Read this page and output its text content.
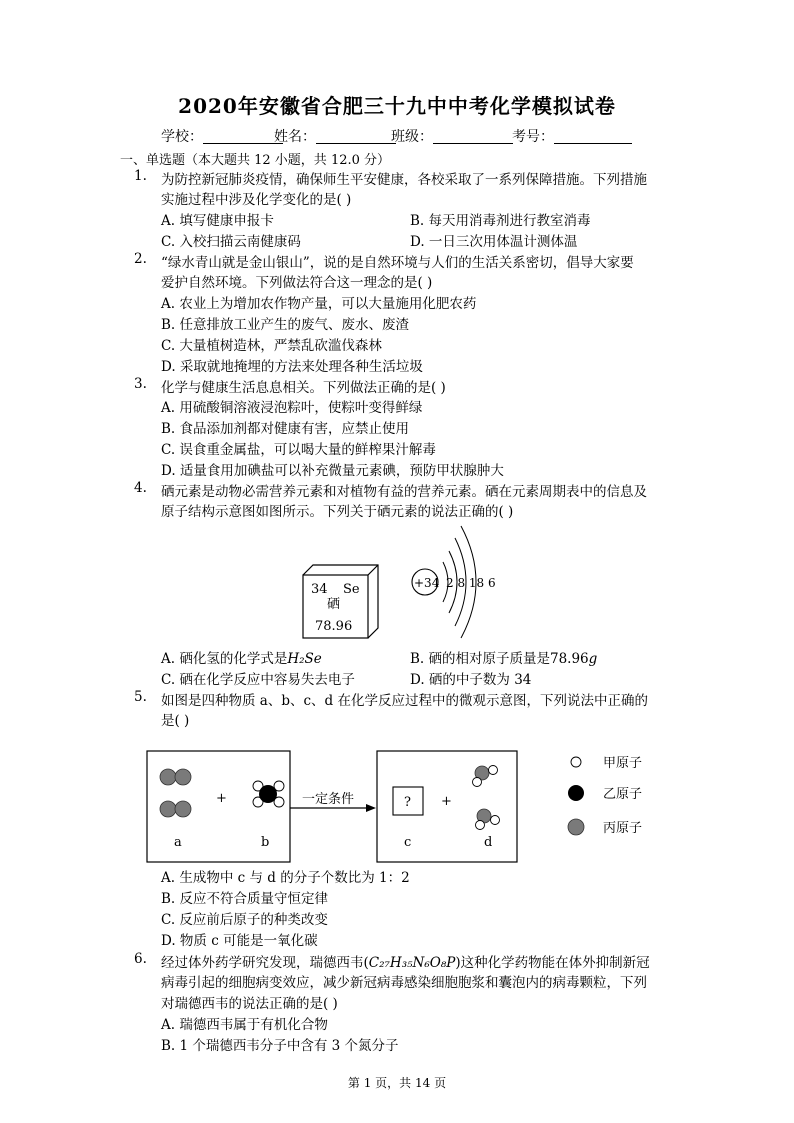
2020年安徽省合肥三十九中中考化学模拟试卷
学校：	姓名：	班级：	考号：
一、单选题（本大题共 12 小题，共 12.0 分）
1. 为防控新冠肺炎疫情，确保师生平安健康，各校采取了一系列保障措施。下列措施
实施过程中涉及化学变化的是( )
A. 填写健康申报卡	B. 每天用消毒剂进行教室消毒
C. 入校扫描云南健康码	D. 一日三次用体温计测体温
2. “绿水青山就是金山银山”，说的是自然环境与人们的生活关系密切，倡导大家要
爱护自然环境。下列做法符合这一理念的是( )
A. 农业上为增加农作物产量，可以大量施用化肥农药
B. 任意排放工业产生的废气、废水、废渣
C. 大量植树造林，严禁乱砍滥伐森林
D. 采取就地掩埋的方法来处理各种生活垃圾
3. 化学与健康生活息息相关。下列做法正确的是( )
A. 用硫酸铜溶液浸泡粽叶，使粽叶变得鲜绿
B. 食品添加剂都对健康有害，应禁止使用
C. 误食重金属盐，可以喝大量的鲜榨果汁解毒
D. 适量食用加碘盐可以补充微量元素碘，预防甲状腺肿大
4. 硒元素是动物必需营养元素和对植物有益的营养元素。硒在元素周期表中的信息及
原子结构示意图如图所示。下列关于硒元素的说法正确的( )
34 Se
硒
78.96
+34 2 8 18 6
A. 硒化氢的化学式是H₂Se	B. 硒的相对原子质量是78.96g
C. 硒在化学反应中容易失去电子	D. 硒的中子数为 34
5. 如图是四种物质 a、b、c、d 在化学反应过程中的微观示意图，下列说法中正确的
是( )
+
a	b
一定条件	? +
c	d
甲原子
乙原子
丙原子
A. 生成物中 c 与 d 的分子个数比为 1：2
B. 反应不符合质量守恒定律
C. 反应前后原子的种类改变
D. 物质 c 可能是一氧化碳
6. 经过体外药学研究发现，瑞德西韦(C₂₇H₃₅N₆O₈P)这种化学药物能在体外抑制新冠
病毒引起的细胞病变效应，减少新冠病毒感染细胞胞浆和囊泡内的病毒颗粒，下列
对瑞德西韦的说法正确的是( )
A. 瑞德西韦属于有机化合物
B. 1 个瑞德西韦分子中含有 3 个氮分子
第 1 页，共 14 页
